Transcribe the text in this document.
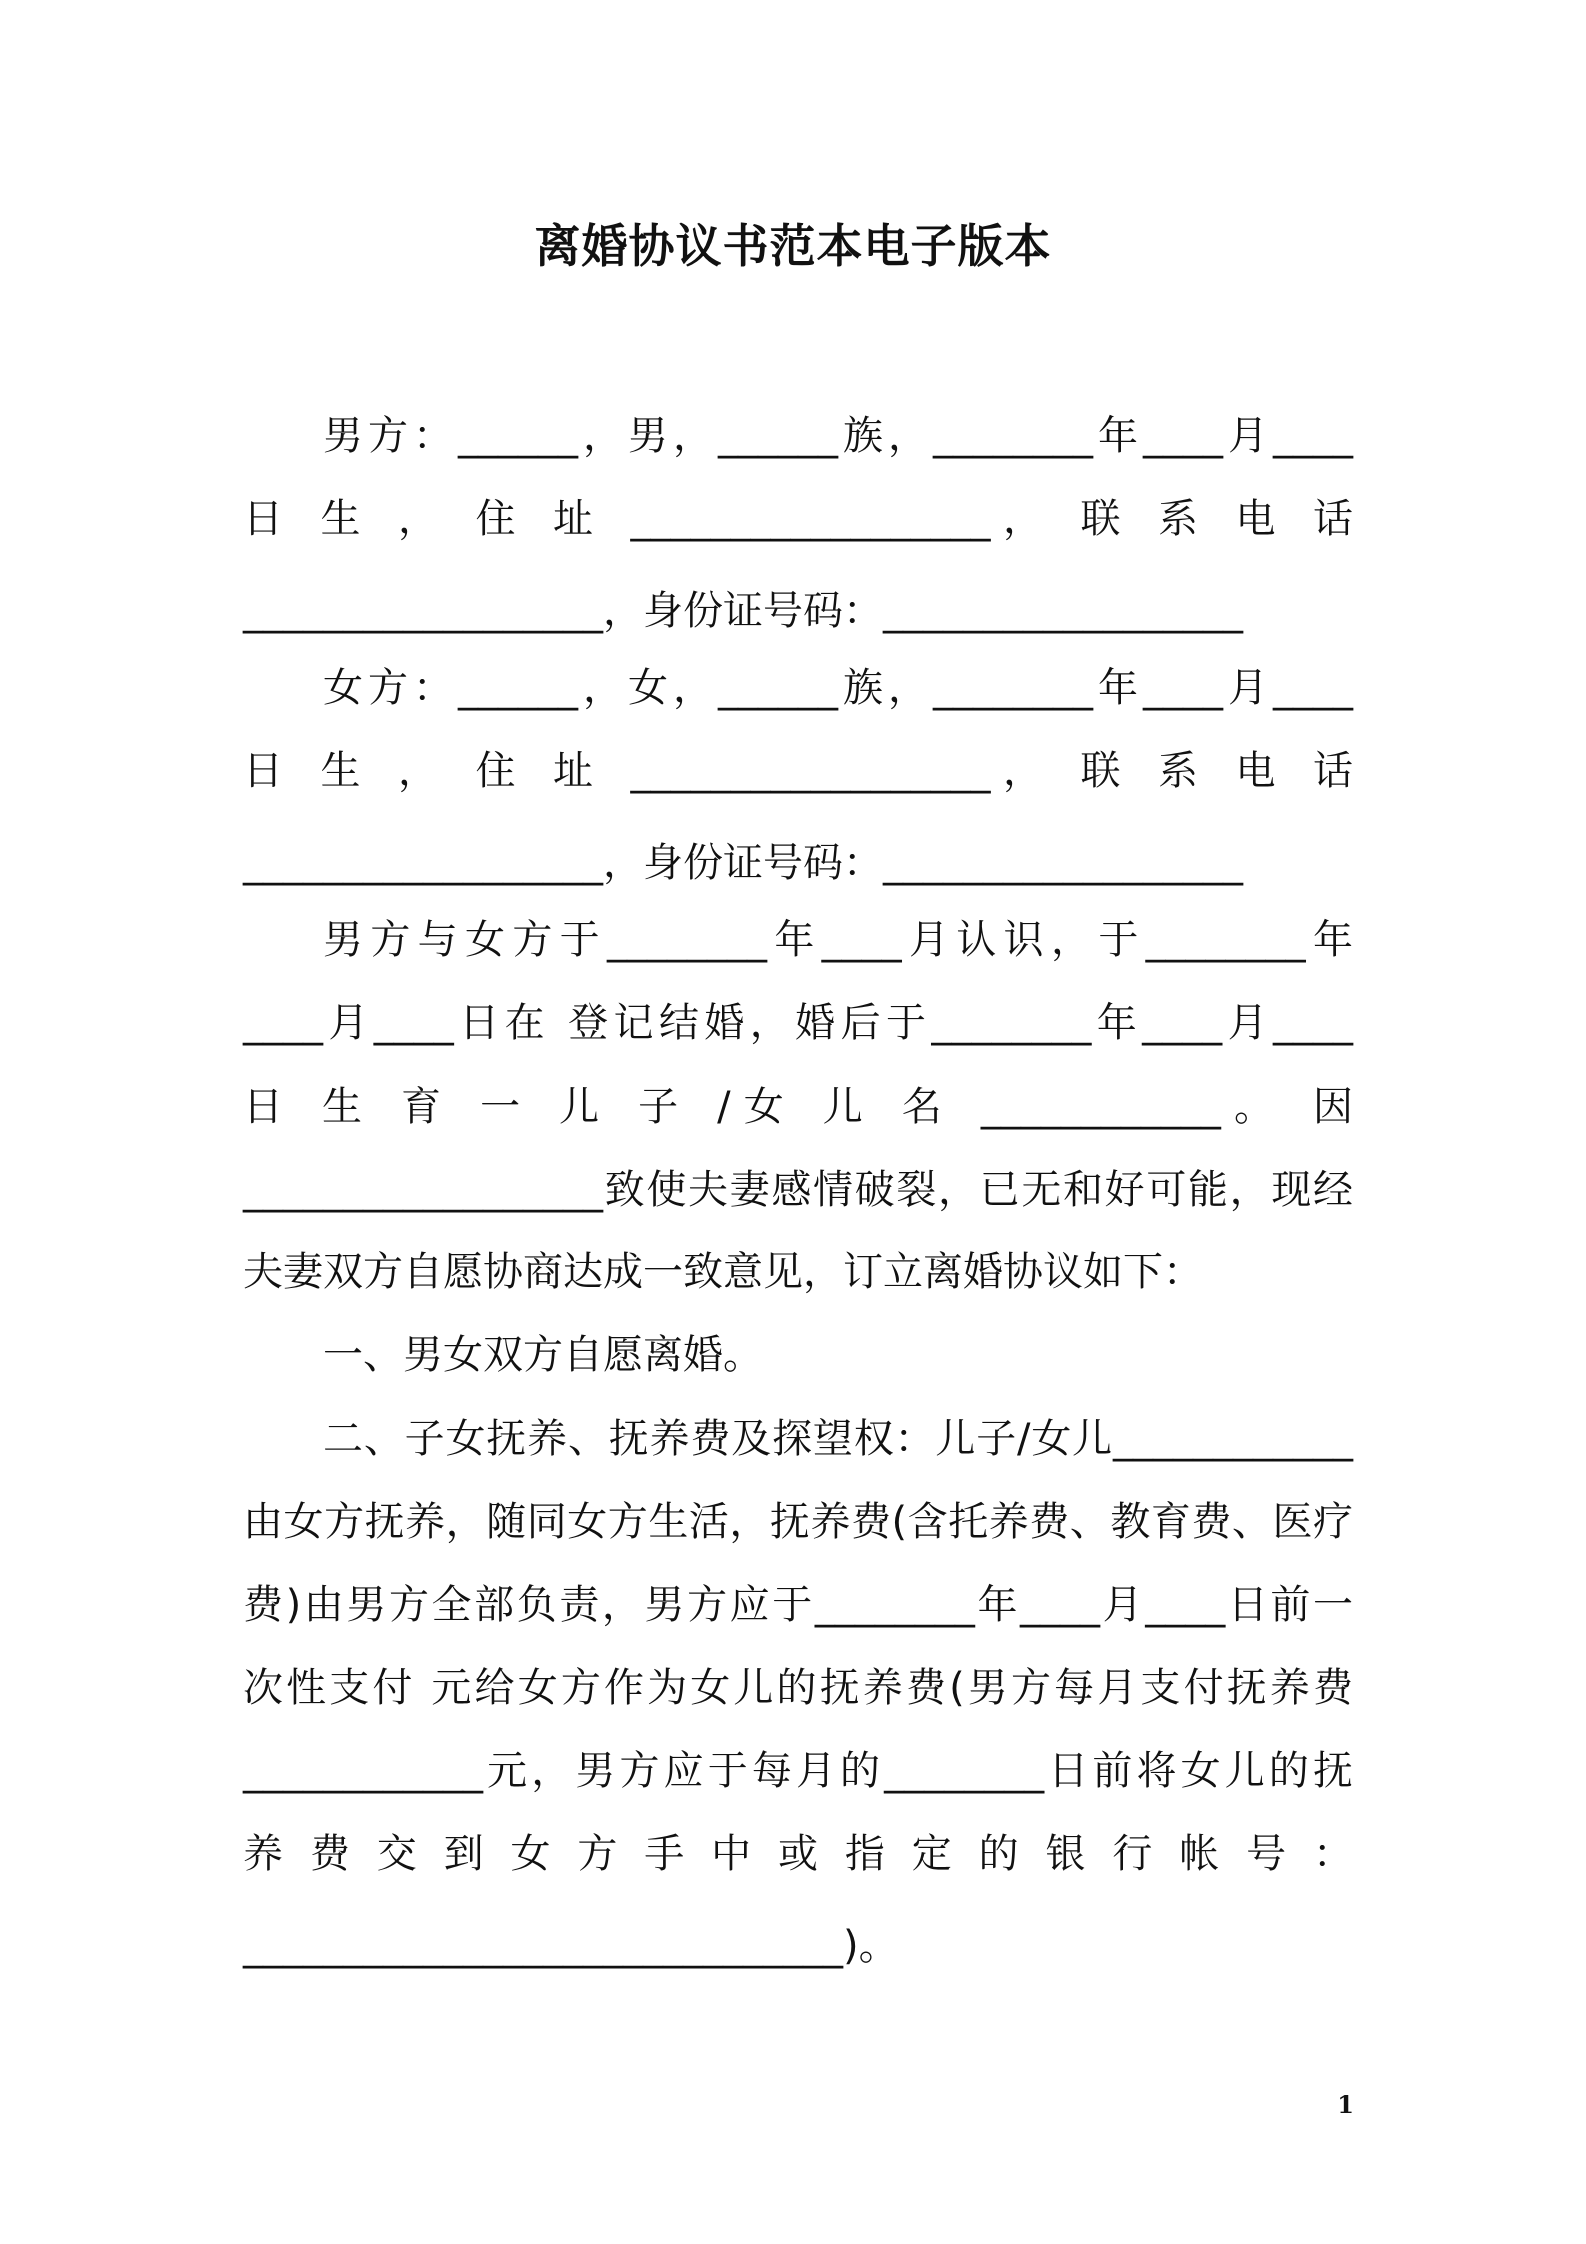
离婚协议书范本电子版本
男方：______，男，______族，________年____月____
日 生 ， 住 址 __________________， 联 系 电 话
__________________，身份证号码：__________________
女方：______，女，______族，________年____月____
日 生 ， 住 址 __________________， 联 系 电 话
__________________，身份证号码：__________________
男方与女方于________年____月认识，于________年
____月____日在 登记结婚，婚后于________年____月____
日 生 育 一 儿 子 /女 儿 名 ____________。 因
__________________致使夫妻感情破裂，已无和好可能，现经
夫妻双方自愿协商达成一致意见，订立离婚协议如下：
一、男女双方自愿离婚。
二、子女抚养、抚养费及探望权：儿子/女儿____________
由女方抚养，随同女方生活，抚养费(含托养费、教育费、医疗
费)由男方全部负责，男方应于________年____月____日前一
次性支付 元给女方作为女儿的抚养费(男方每月支付抚养费
____________元，男方应于每月的________日前将女儿的抚
养 费 交 到 女 方 手 中 或 指 定 的 银 行 帐 号 ：
______________________________)。
1
